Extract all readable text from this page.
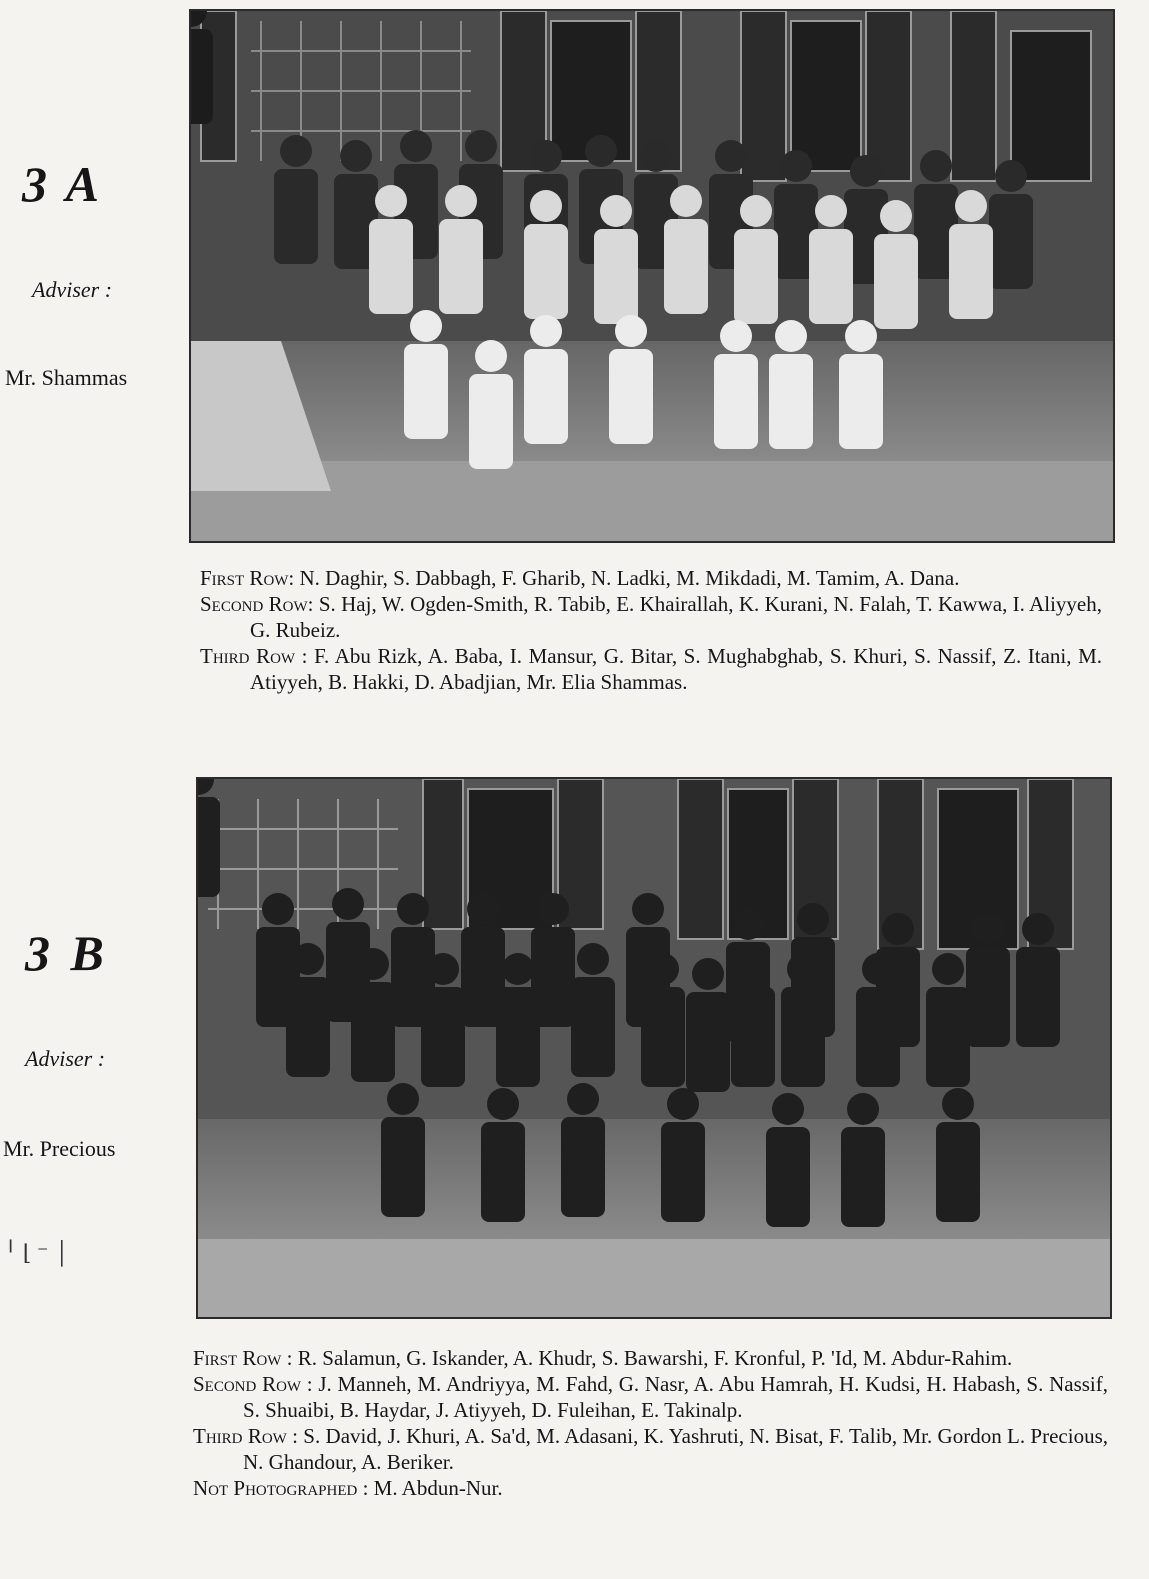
3 A
Adviser :
Mr. Shammas
First Row: N. Daghir, S. Dabbagh, F. Gharib, N. Ladki, M. Mikdadi, M. Tamim, A. Dana.
Second Row: S. Haj, W. Ogden-Smith, R. Tabib, E. Khairallah, K. Kurani, N. Falah, T. Kawwa, I. Aliyyeh, G. Rubeiz.
Third Row : F. Abu Rizk, A. Baba, I. Mansur, G. Bitar, S. Mughabghab, S. Khuri, S. Nassif, Z. Itani, M. Atiyyeh, B. Hakki, D. Abadjian, Mr. Elia Shammas.
3 B
Adviser :
Mr. Precious
╵ ⌊ ⁻ │
First Row : R. Salamun, G. Iskander, A. Khudr, S. Bawarshi, F. Kronful, P. 'Id, M. Abdur-Rahim.
Second Row : J. Manneh, M. Andriyya, M. Fahd, G. Nasr, A. Abu Hamrah, H. Kudsi, H. Habash, S. Nassif, S. Shuaibi, B. Haydar, J. Atiyyeh, D. Fuleihan, E. Takinalp.
Third Row : S. David, J. Khuri, A. Sa'd, M. Adasani, K. Yashruti, N. Bisat, F. Talib, Mr. Gordon L. Precious, N. Ghandour, A. Beriker.
Not Photographed : M. Abdun-Nur.
